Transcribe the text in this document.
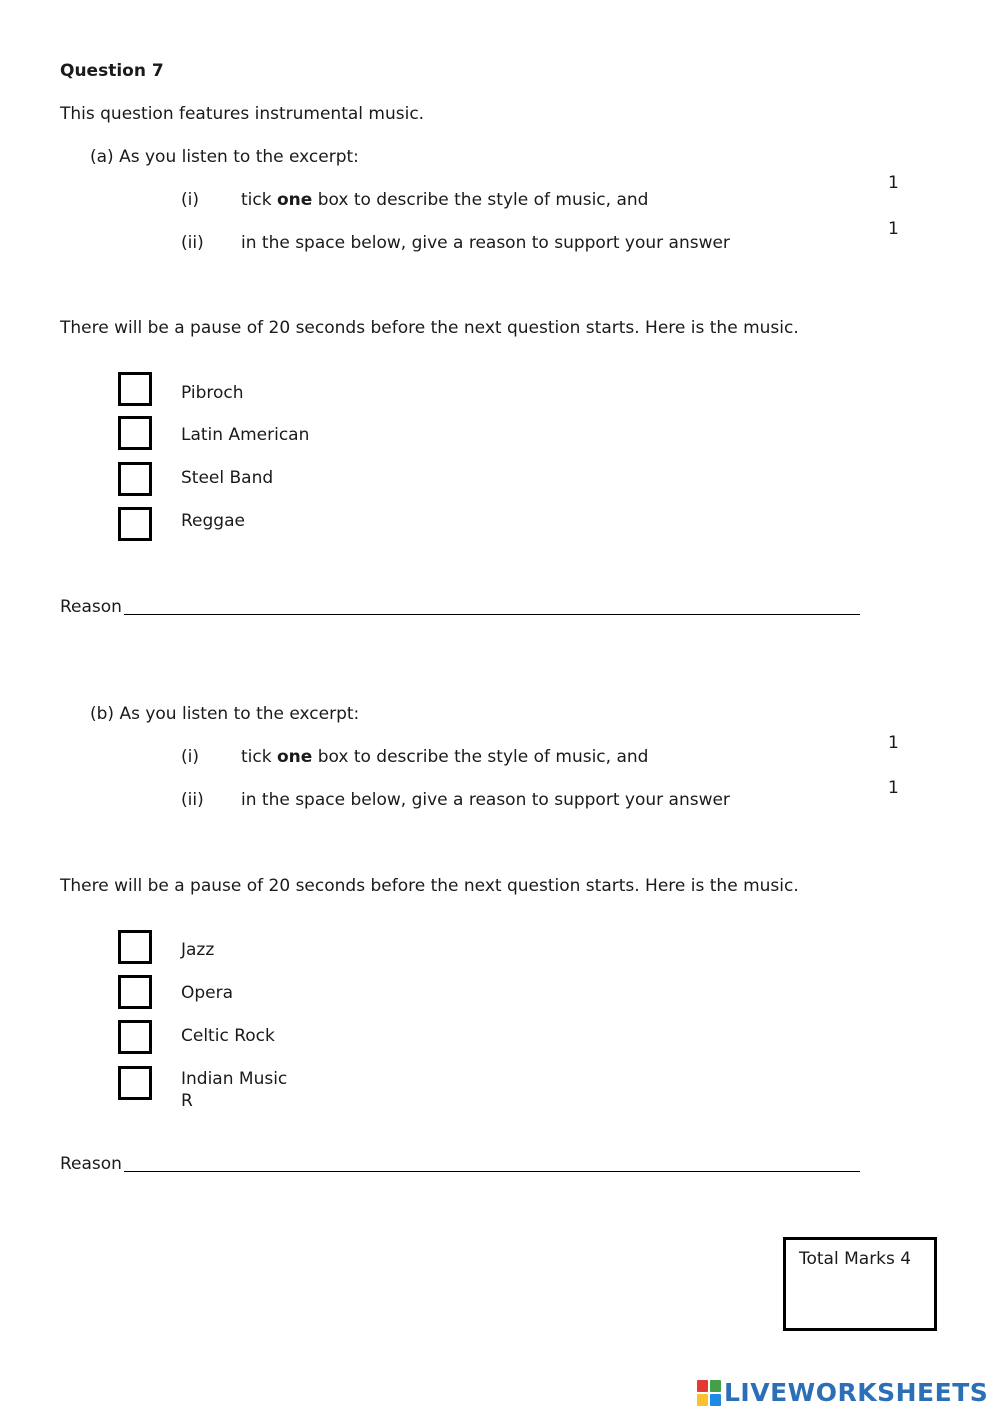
Question 7
This question features instrumental music.
(a) As you listen to the excerpt:
1
(i) tick one box to describe the style of music, and
1
(ii) in the space below, give a reason to support your answer
There will be a pause of 20 seconds before the next question starts. Here is the music.
Pibroch
Latin American
Steel Band
Reggae
Reason
(b) As you listen to the excerpt:
1
(i) tick one box to describe the style of music, and
1
(ii) in the space below, give a reason to support your answer
There will be a pause of 20 seconds before the next question starts. Here is the music.
Jazz
Opera
Celtic Rock
Indian Music
R
Reason
Total Marks 4
LIVEWORKSHEETS
